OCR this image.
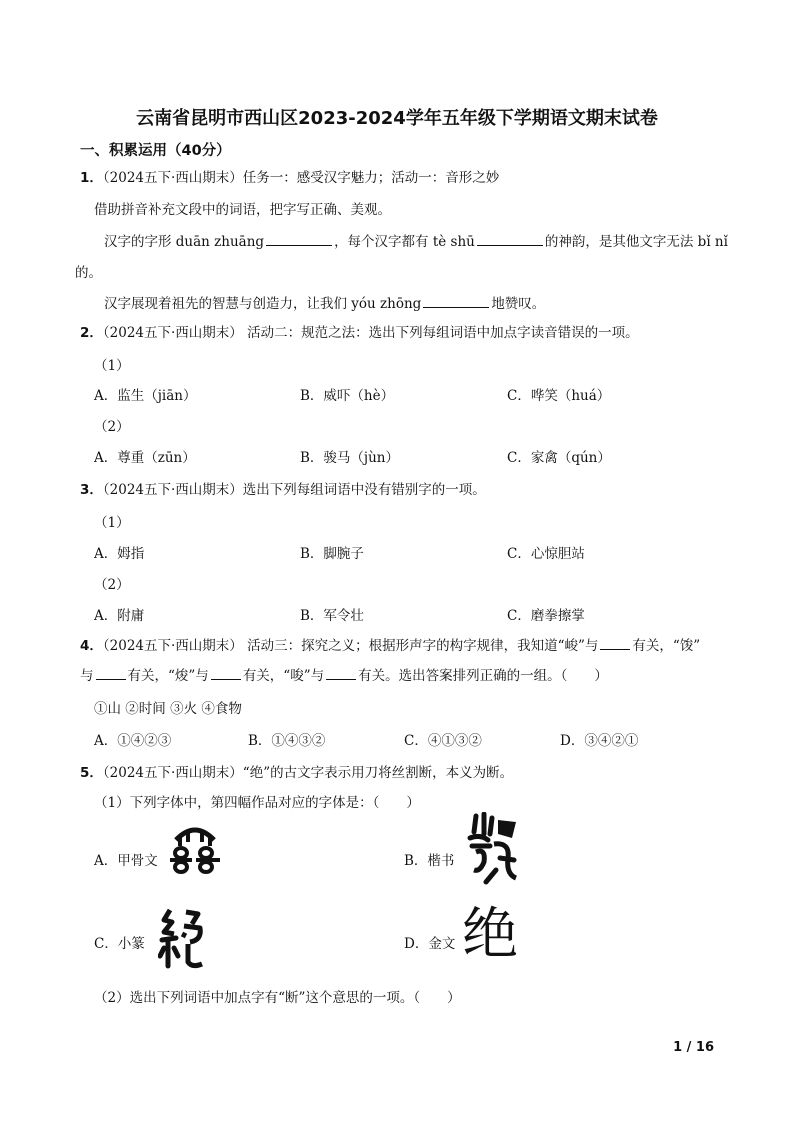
云南省昆明市西山区2023-2024学年五年级下学期语文期末试卷
一、积累运用（40分）
1．（2024五下·西山期末）任务一：感受汉字魅力；活动一：音形之妙
借助拼音补充文段中的词语，把字写正确、美观。
汉字的字形 duān zhuāng	，每个汉字都有 tè shū	的神韵，是其他文字无法 bǐ nǐ
的。
汉字展现着祖先的智慧与创造力，让我们 yóu zhōng	地赞叹。
2．（2024五下·西山期末） 活动二：规范之法：选出下列每组词语中加点字读音错误的一项。
（1）
A．监生（jiān）	B．威吓（hè）	C．哗笑（huá）
（2）
A．尊重（zūn）	B．骏马（jùn）	C．家禽（qún）
3．（2024五下·西山期末）选出下列每组词语中没有错别字的一项。
（1）
A．姆指	B．脚腕子	C．心惊胆站
（2）
A．附庸	B．军令壮	C．磨拳擦掌
4．（2024五下·西山期末） 活动三：探究之义；根据形声字的构字规律，我知道“峻”与	有关，“馂”
与	有关，“焌”与	有关，“唆”与	有关。选出答案排列正确的一组。（　　）
①山 ②时间 ③火 ④食物
A．①④②③	B．①④③②	C．④①③②	D．③④②①
5．（2024五下·西山期末）“绝”的古文字表示用刀将丝割断，本义为断。
（1）下列字体中，第四幅作品对应的字体是：（　　）
A．甲骨文	B．楷书
C．小篆	D．金文 绝
（2）选出下列词语中加点字有“断”这个意思的一项。（　　）
1 / 16
